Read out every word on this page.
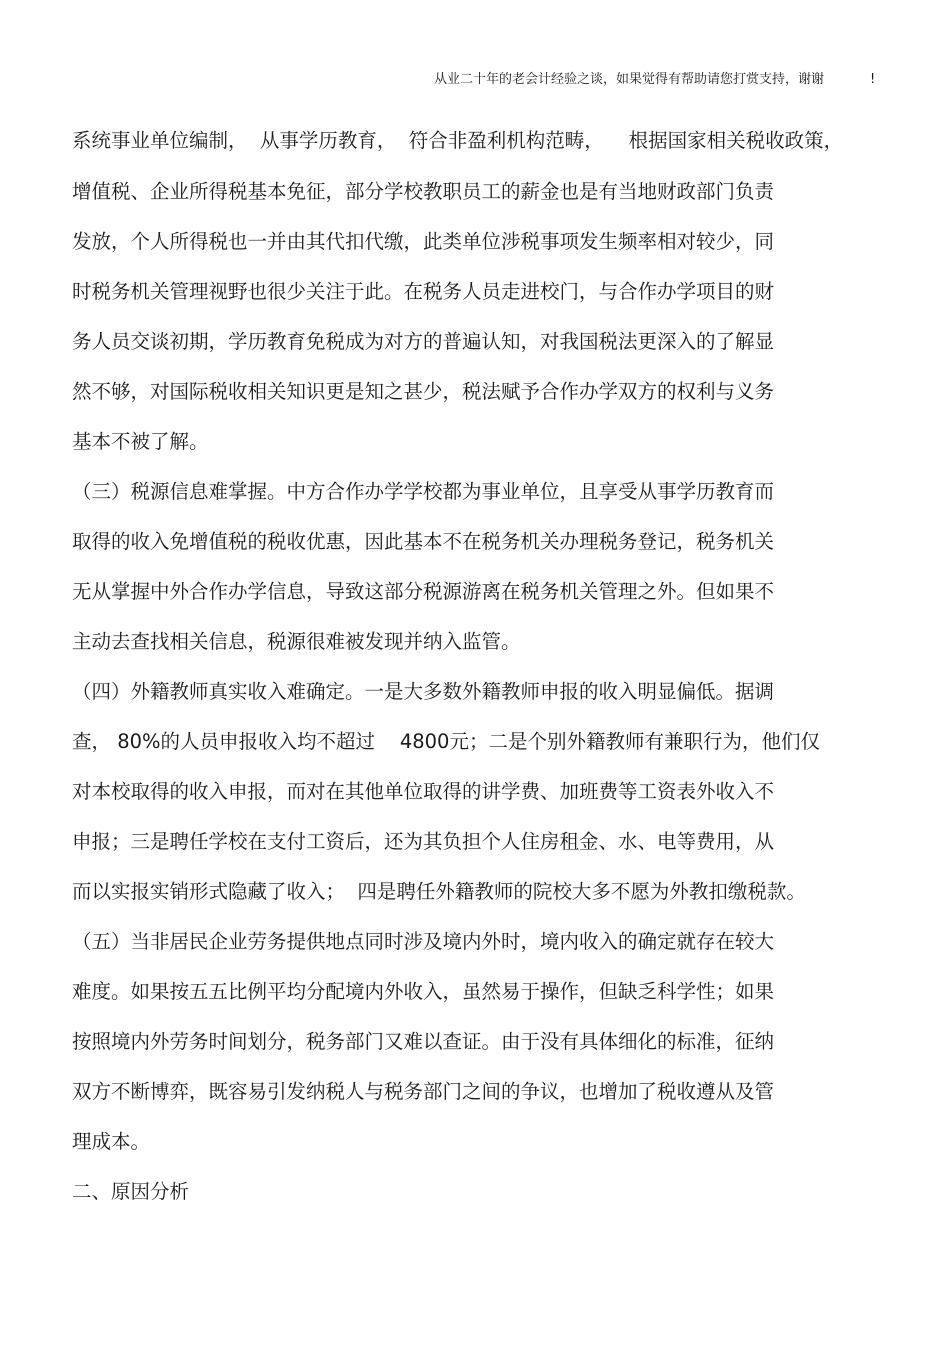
从业二十年的老会计经验之谈，如果觉得有帮助请您打赏支持，谢谢	!
系统事业单位编制，  从事学历教育，  符合非盈利机构范畴，    根据国家相关税收政策，
增值税、企业所得税基本免征，部分学校教职员工的薪金也是有当地财政部门负责
发放，个人所得税也一并由其代扣代缴，此类单位涉税事项发生频率相对较少，同
时税务机关管理视野也很少关注于此。在税务人员走进校门，与合作办学项目的财
务人员交谈初期，学历教育免税成为对方的普遍认知，对我国税法更深入的了解显
然不够，对国际税收相关知识更是知之甚少，税法赋予合作办学双方的权利与义务
基本不被了解。
（三）税源信息难掌握。中方合作办学学校都为事业单位，且享受从事学历教育而
取得的收入免增值税的税收优惠，因此基本不在税务机关办理税务登记，税务机关
无从掌握中外合作办学信息，导致这部分税源游离在税务机关管理之外。但如果不
主动去查找相关信息，税源很难被发现并纳入监管。
（四）外籍教师真实收入难确定。一是大多数外籍教师申报的收入明显偏低。据调
查， 80%的人员申报收入均不超过    4800元；二是个别外籍教师有兼职行为，他们仅
对本校取得的收入申报，而对在其他单位取得的讲学费、加班费等工资表外收入不
申报；三是聘任学校在支付工资后，还为其负担个人住房租金、水、电等费用，从
而以实报实销形式隐藏了收入；  四是聘任外籍教师的院校大多不愿为外教扣缴税款。
（五）当非居民企业劳务提供地点同时涉及境内外时，境内收入的确定就存在较大
难度。如果按五五比例平均分配境内外收入，虽然易于操作，但缺乏科学性；如果
按照境内外劳务时间划分，税务部门又难以查证。由于没有具体细化的标准，征纳
双方不断博弈，既容易引发纳税人与税务部门之间的争议，也增加了税收遵从及管
理成本。
二、原因分析
